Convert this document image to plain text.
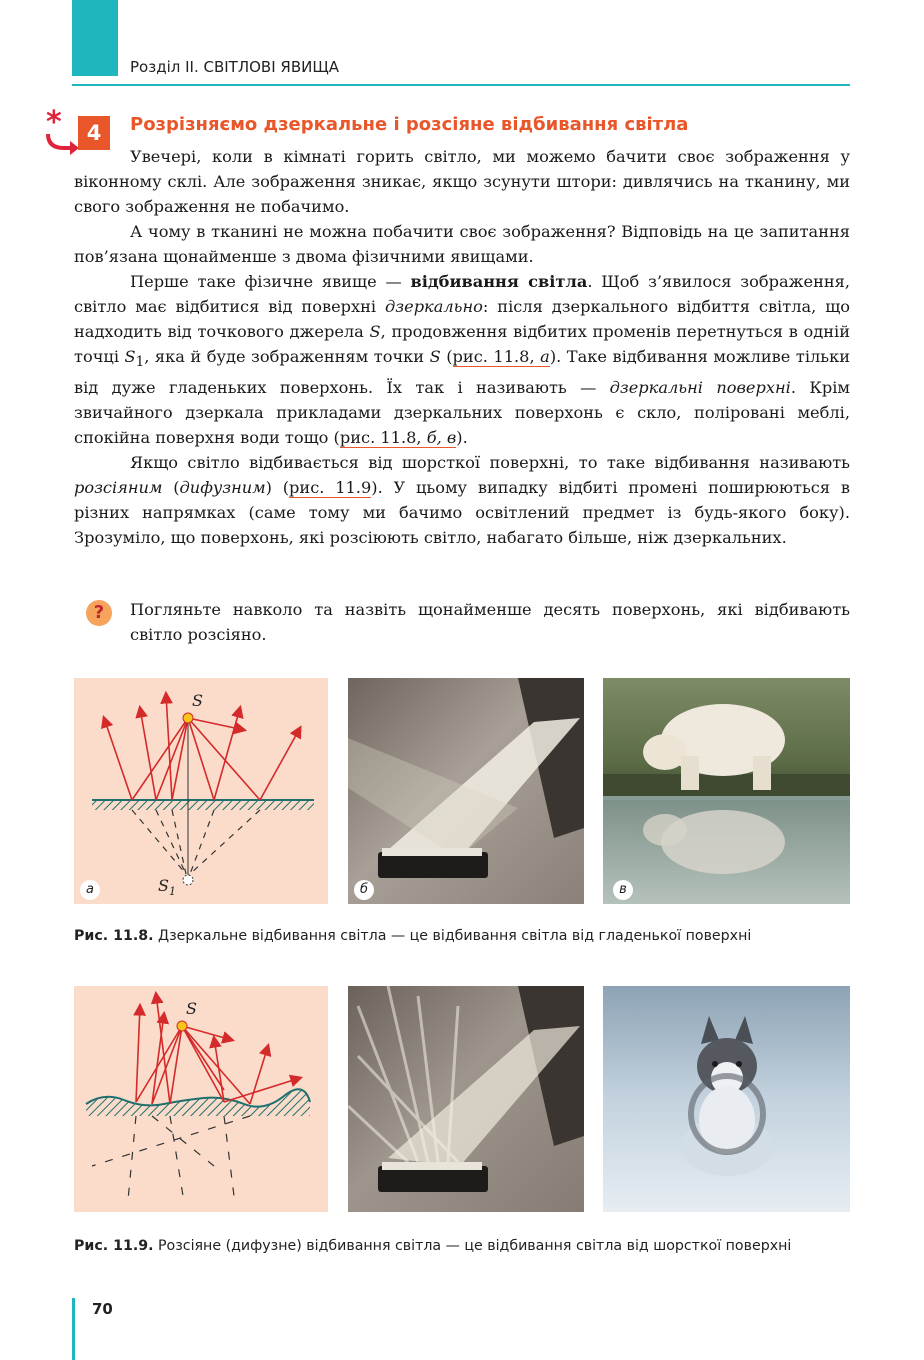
Розділ ІІ. СВІТЛОВІ ЯВИЩА
*	4	Розрізняємо дзеркальне і розсіяне відбивання світла

Увечері, коли в кімнаті горить світло, ми можемо бачити своє зображення у віконному склі. Але зображення зникає, якщо зсунути штори: дивлячись на тканину, ми свого зображення не побачимо.

А чому в тканині не можна побачити своє зображення? Відповідь на це запитання пов’язана щонайменше з двома фізичними явищами.

Перше таке фізичне явище — відбивання світла. Щоб з’явилося зображення, світло має відбитися від поверхні дзеркально: після дзеркального відбиття світла, що надходить від точкового джерела S, продовження відбитих променів перетнуться в одній точці $S_1$, яка й буде зображенням точки S (рис. 11.8, а). Таке відбивання можливе тільки від дуже гладеньких поверхонь. Їх так і називають — дзеркальні поверхні. Крім звичайного дзеркала прикладами дзеркальних поверхонь є скло, поліровані меблі, спокійна поверхня води тощо (рис. 11.8, б, в).

Якщо світло відбивається від шорсткої поверхні, то таке відбивання називають розсіяним (дифузним) (рис. 11.9). У цьому випадку відбиті промені поширюються в різних напрямках (саме тому ми бачимо освітлений предмет із будь-якого боку). Зрозуміло, що поверхонь, які розсіюють світло, набагато більше, ніж дзеркальних.

?	Погляньте навколо та назвіть щонайменше десять поверхонь, які відбивають світло розсіяно.
S
$S_1$
а	б	в
Рис. 11.8. Дзеркальне відбивання світла — це відбивання світла від гладенької поверхні
S
Рис. 11.9. Розсіяне (дифузне) відбивання світла — це відбивання світла від шорсткої поверхні
70
